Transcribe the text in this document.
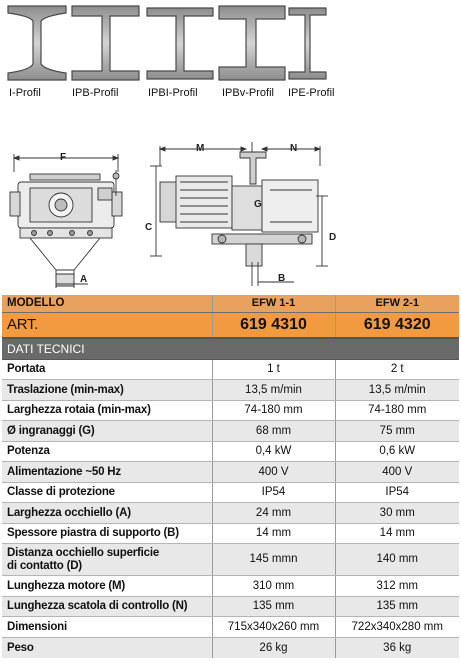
I-Profil	IPB-Profil	IPBI-Profil IPBv-Profil IPE-Profil
F
A
M	N
C
G
D
B
MODELLO	EFW 1-1	EFW 2-1
ART.	619 4310	619 4320
DATI TECNICI		
Portata	1 t	2 t
Traslazione (min-max)	13,5 m/min	13,5 m/min
Larghezza rotaia (min-max)	74-180 mm	74-180 mm
Ø ingranaggi (G)	68 mm	75 mm
Potenza	0,4 kW	0,6 kW
Alimentazione ~50 Hz	400 V	400 V
Classe di protezione	IP54	IP54
Larghezza occhiello (A)	24 mm	30 mm
Spessore piastra di supporto (B)	14 mm	14 mm

Distanza occhiello superficie
di contatto (D)	145 mmn	140 mm
Lunghezza motore (M)	310 mm	312 mm
Lunghezza scatola di controllo (N)	135 mm	135 mm
Dimensioni	715x340x260 mm	722x340x280 mm
Peso	26 kg	36 kg
